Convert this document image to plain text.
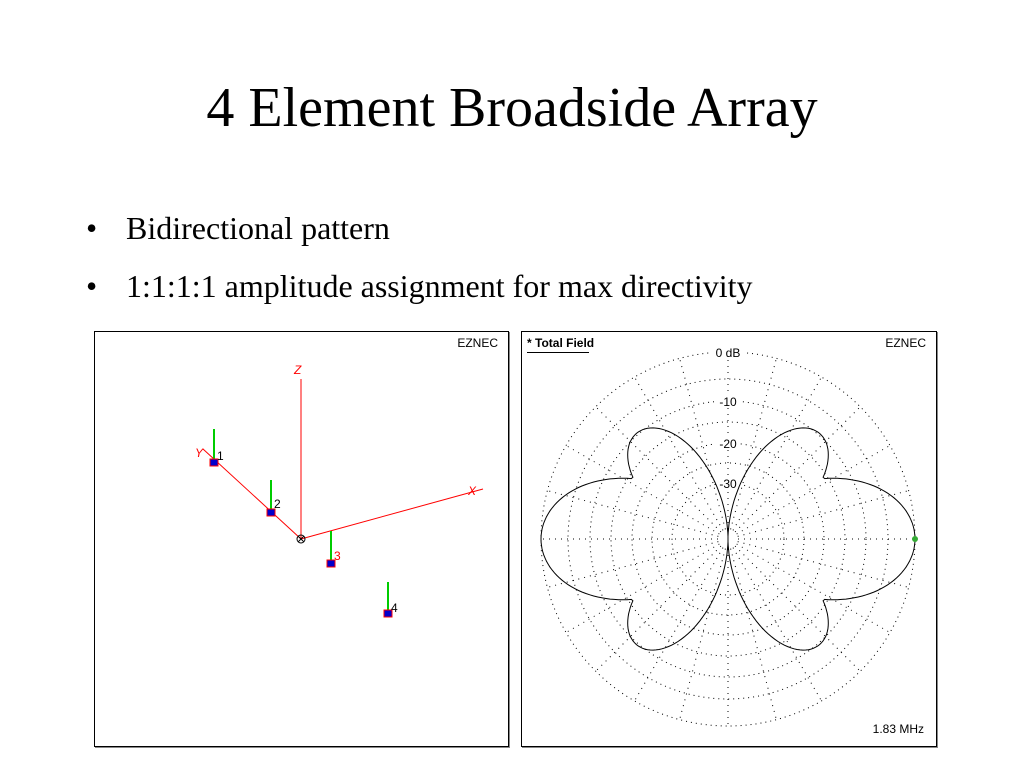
4 Element Broadside Array
• Bidirectional pattern
• 1:1:1:1 amplitude assignment for max directivity
EZNEC
Z
X
Y 1
2
3
4
* Total Field	EZNEC
0 dB
-10
-20
-30
1.83 MHz
